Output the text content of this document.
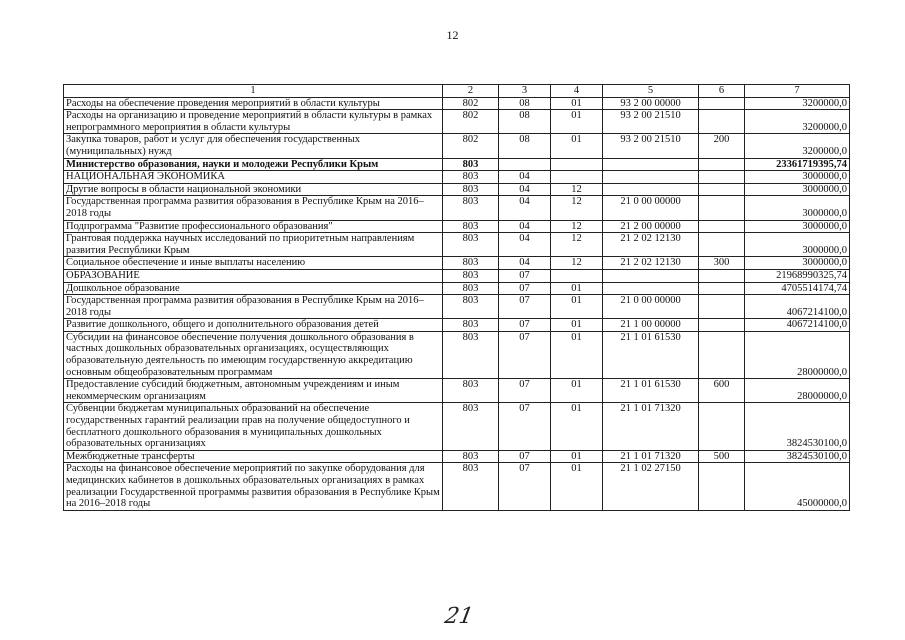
12
1	2	3	4	5	6	7
Расходы на обеспечение проведения мероприятий в области культуры	802	08	01	93 2 00 00000		3200000,0
Расходы на организацию и проведение мероприятий в области культуры в рамках непрограммного мероприятия в области культуры	802	08	01	93 2 00 21510		3200000,0
Закупка товаров, работ и услуг для обеспечения государственных (муниципальных) нужд	802	08	01	93 2 00 21510	200	3200000,0
Министерство образования, науки и молодежи Республики Крым	803					23361719395,74
НАЦИОНАЛЬНАЯ ЭКОНОМИКА	803	04				3000000,0
Другие вопросы в области национальной экономики	803	04	12			3000000,0
Государственная программа развития образования в Республике Крым на 2016–2018 годы	803	04	12	21 0 00 00000		3000000,0
Подпрограмма "Развитие профессионального образования"	803	04	12	21 2 00 00000		3000000,0
Грантовая поддержка научных исследований по приоритетным направлениям развития Республики Крым	803	04	12	21 2 02 12130		3000000,0
Социальное обеспечение и иные выплаты населению	803	04	12	21 2 02 12130	300	3000000,0
ОБРАЗОВАНИЕ	803	07				21968990325,74
Дошкольное образование	803	07	01			4705514174,74
Государственная программа развития образования в Республике Крым на 2016–2018 годы	803	07	01	21 0 00 00000		4067214100,0
Развитие дошкольного, общего и дополнительного образования детей	803	07	01	21 1 00 00000		4067214100,0
Субсидии на финансовое обеспечение получения дошкольного образования в частных дошкольных образовательных организациях, осуществляющих образовательную деятельность по имеющим государственную аккредитацию основным общеобразовательным программам	803	07	01	21 1 01 61530		28000000,0
Предоставление субсидий бюджетным, автономным учреждениям и иным некоммерческим организациям	803	07	01	21 1 01 61530	600	28000000,0
Субвенции бюджетам муниципальных образований на обеспечение государственных гарантий реализации прав на получение общедоступного и бесплатного дошкольного образования в муниципальных дошкольных образовательных организациях	803	07	01	21 1 01 71320		3824530100,0
Межбюджетные трансферты	803	07	01	21 1 01 71320	500	3824530100,0
Расходы на финансовое обеспечение мероприятий по закупке оборудования для медицинских кабинетов в дошкольных образовательных организациях в рамках реализации Государственной программы развития образования в Республике Крым на 2016–2018 годы	803	07	01	21 1 02 27150		45000000,0
21
